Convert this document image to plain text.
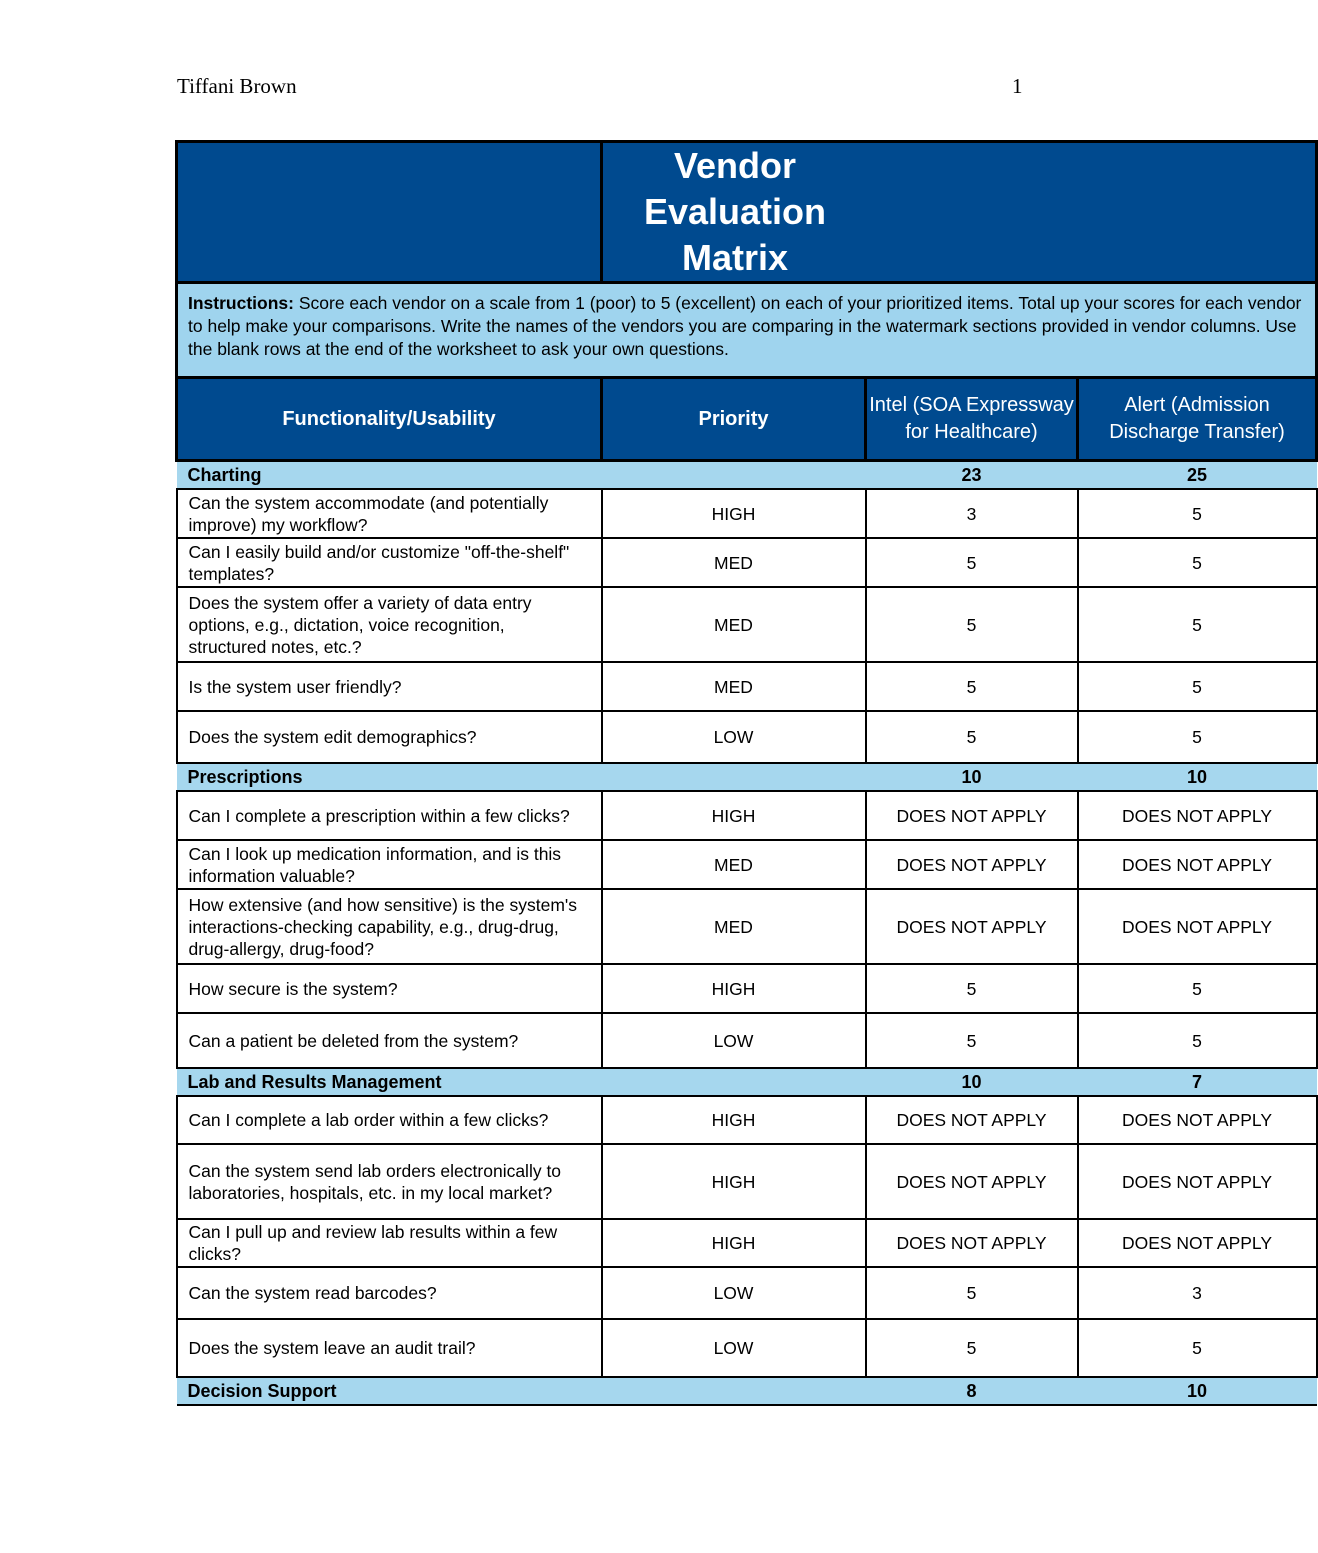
Tiffani Brown	1

	Vendor
Evaluation
Matrix		

Instructions: Score each vendor on a scale from 1 (poor) to 5 (excellent) on each of your prioritized items. Total up your scores for each vendor to help make your comparisons. Write the names of the vendors you are comparing in the watermark sections provided in vendor columns. Use the blank rows at the end of the worksheet to ask your own questions.			
Functionality/Usability	Priority	Intel (SOA Expressway for Healthcare)	Alert (Admission Discharge Transfer)
Charting		23	25
Can the system accommodate (and potentially improve) my workflow?	HIGH	3	5
Can I easily build and/or customize "off-the-shelf" templates?	MED	5	5
Does the system offer a variety of data entry options, e.g., dictation, voice recognition, structured notes, etc.?	MED	5	5
Is the system user friendly?	MED	5	5
Does the system edit demographics?	LOW	5	5
Prescriptions		10	10
Can I complete a prescription within a few clicks?	HIGH	DOES NOT APPLY	DOES NOT APPLY
Can I look up medication information, and is this information valuable?	MED	DOES NOT APPLY	DOES NOT APPLY
How extensive (and how sensitive) is the system's interactions-checking capability, e.g., drug-drug, drug-allergy, drug-food?	MED	DOES NOT APPLY	DOES NOT APPLY
How secure is the system?	HIGH	5	5
Can a patient be deleted from the system?	LOW	5	5
Lab and Results Management		10	7
Can I complete a lab order within a few clicks?	HIGH	DOES NOT APPLY	DOES NOT APPLY
Can the system send lab orders electronically to laboratories, hospitals, etc. in my local market?	HIGH	DOES NOT APPLY	DOES NOT APPLY
Can I pull up and review lab results within a few clicks?	HIGH	DOES NOT APPLY	DOES NOT APPLY
Can the system read barcodes?	LOW	5	3
Does the system leave an audit trail?	LOW	5	5
Decision Support		8	10
